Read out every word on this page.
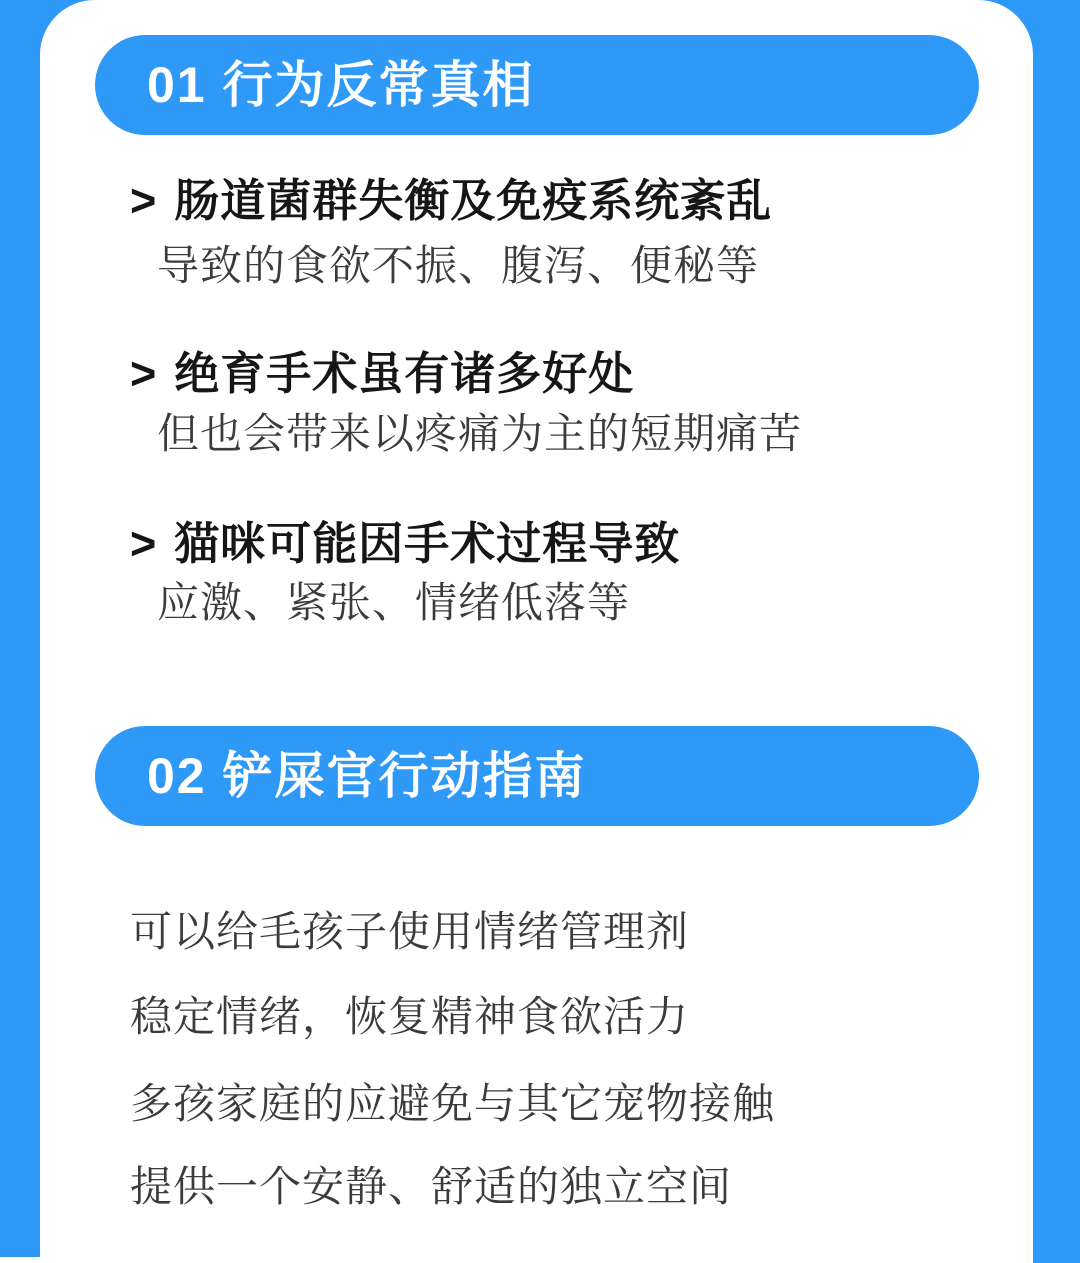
01 行为反常真相
> 肠道菌群失衡及免疫系统紊乱
导致的食欲不振、腹泻、便秘等
> 绝育手术虽有诸多好处
但也会带来以疼痛为主的短期痛苦
> 猫咪可能因手术过程导致
应激、紧张、情绪低落等
02 铲屎官行动指南
可以给毛孩子使用情绪管理剂
稳定情绪，恢复精神食欲活力
多孩家庭的应避免与其它宠物接触
提供一个安静、舒适的独立空间
